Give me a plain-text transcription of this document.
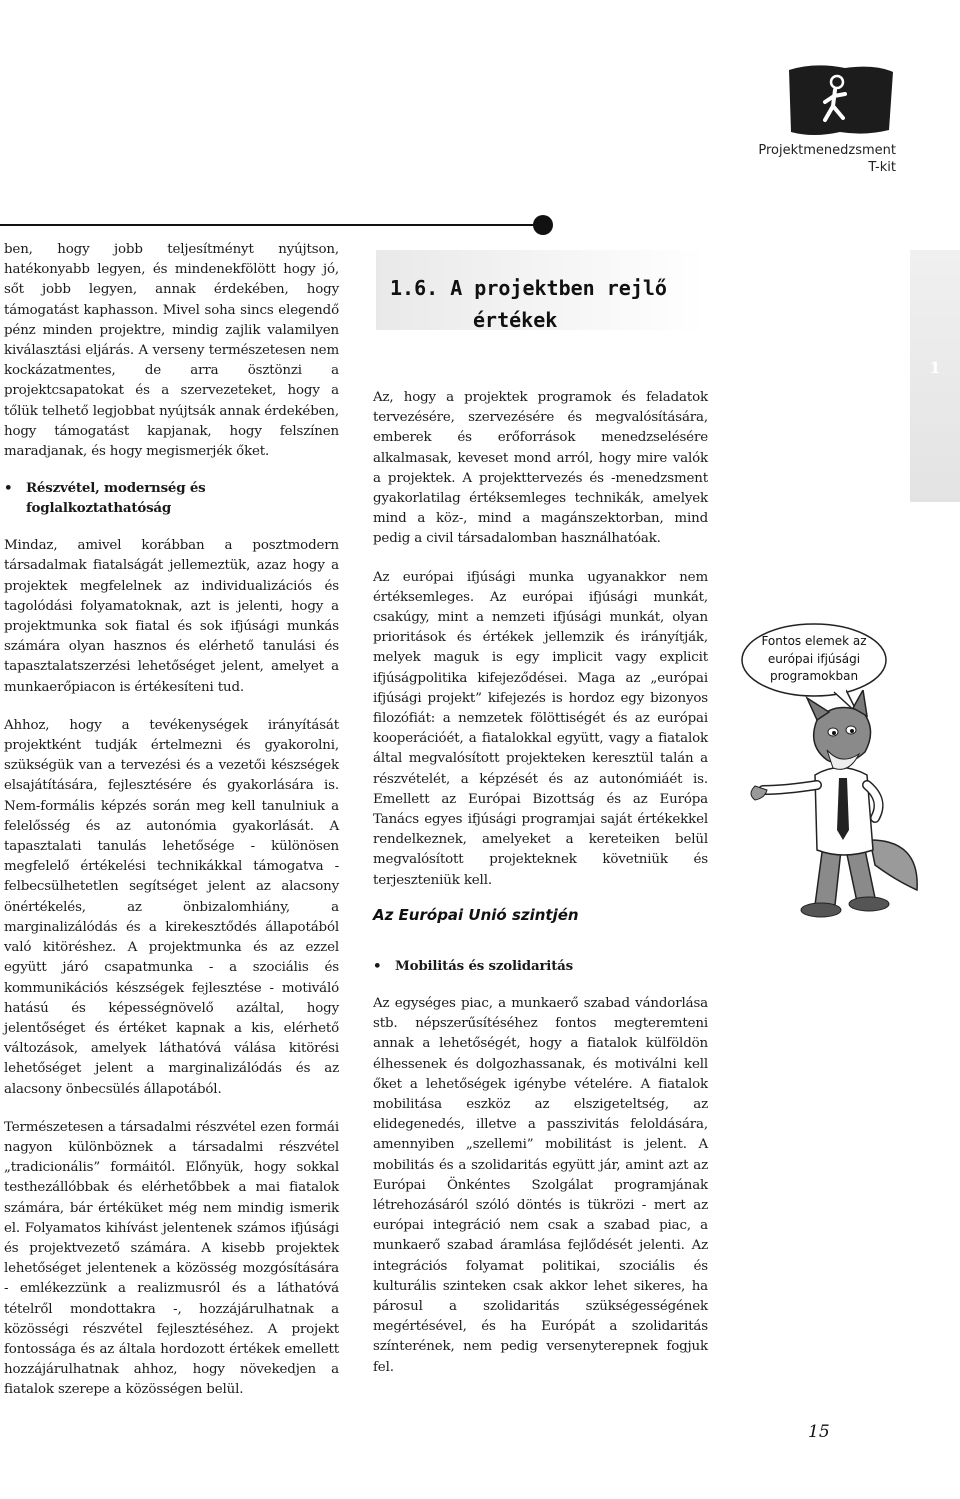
Projektmenedzsment
T-kit
1

ben, hogy jobb teljesítményt nyújtson, hatékonyabb legyen, és mindenekfölött hogy jó, sőt jobb legyen, annak érdekében, hogy támogatást kaphasson. Mivel soha sincs elegendő pénz minden projektre, mindig zajlik valamilyen kiválasztási eljárás. A verseny természetesen nem kockázatmentes, de arra ösztönzi a projektcsapatokat és a szervezeteket, hogy a tőlük telhető legjobbat nyújtsák annak érdekében, hogy támogatást kapjanak, hogy felszínen maradjanak, és hogy megismerjék őket.

•	Részvétel, modernség és foglalkoztathatóság

Mindaz, amivel korábban a posztmodern társadalmak fiatalságát jellemeztük, azaz hogy a projektek megfelelnek az individualizációs és tagolódási folyamatoknak, azt is jelenti, hogy a projektmunka sok fiatal és sok ifjúsági munkás számára olyan hasznos és elérhető tanulási és tapasztalatszerzési lehetőséget jelent, amelyet a munkaerőpiacon is értékesíteni tud.

Ahhoz, hogy a tevékenységek irányítását projektként tudják értelmezni és gyakorolni, szükségük van a tervezési és a vezetői készségek elsajátítására, fejlesztésére és gyakorlására is. Nem-formális képzés során meg kell tanulniuk a felelősség és az autonómia gyakorlását. A tapasztalati tanulás lehetősége - különösen megfelelő értékelési technikákkal támogatva - felbecsülhetetlen segítséget jelent az alacsony önértékelés, az önbizalomhiány, a marginalizálódás és a kirekesztődés állapotából való kitöréshez. A projektmunka és az ezzel együtt járó csapatmunka - a szociális és kommunikációs készségek fejlesztése - motiváló hatású és képességnövelő azáltal, hogy jelentőséget és értéket kapnak a kis, elérhető változások, amelyek láthatóvá válása kitörési lehetőséget jelent a marginalizálódás és az alacsony önbecsülés állapotából.

Természetesen a társadalmi részvétel ezen formái nagyon különböznek a társadalmi részvétel „tradicionális” formáitól. Előnyük, hogy sokkal testhezállóbbak és elérhetőbbek a mai fiatalok számára, bár értéküket még nem mindig ismerik el. Folyamatos kihívást jelentenek számos ifjúsági és projektvezető számára. A kisebb projektek lehetőséget jelentenek a közösség mozgósítására - emlékezzünk a realizmusról és a láthatóvá tételről mondottakra -, hozzájárulhatnak a közösségi részvétel fejlesztéséhez. A projekt fontossága és az általa hordozott értékek emellett hozzájárulhatnak ahhoz, hogy növekedjen a fiatalok szerepe a közösségen belül.

1.6. A projektben rejlő
értékek

Az, hogy a projektek programok és feladatok tervezésére, szervezésére és megvalósítására, emberek és erőforrások menedzselésére alkalmasak, keveset mond arról, hogy mire valók a projektek. A projekttervezés és -menedzsment gyakorlatilag értéksemleges technikák, amelyek mind a köz-, mind a magánszektorban, mind pedig a civil társadalomban használhatóak.

Az európai ifjúsági munka ugyanakkor nem értéksemleges. Az európai ifjúsági munkát, csakúgy, mint a nemzeti ifjúsági munkát, olyan prioritások és értékek jellemzik és irányítják, melyek maguk is egy implicit vagy explicit ifjúságpolitika kifejeződései. Maga az „európai ifjúsági projekt” kifejezés is hordoz egy bizonyos filozófiát: a nemzetek fölöttiségét és az európai kooperációét, a fiatalokkal együtt, vagy a fiatalok által megvalósított projekteken keresztül talán a részvételét, a képzését és az autonómiáét is. Emellett az Európai Bizottság és az Európa Tanács egyes ifjúsági programjai saját értékekkel rendelkeznek, amelyeket a kereteiken belül megvalósított projekteknek követniük és terjeszteniük kell.

Az Európai Unió szintjén
•	Mobilitás és szolidaritás

Az egységes piac, a munkaerő szabad vándorlása stb. népszerűsítéséhez fontos megteremteni annak a lehetőségét, hogy a fiatalok külföldön élhessenek és dolgozhassanak, és motiválni kell őket a lehetőségek igénybe vételére. A fiatalok mobilitása eszköz az elszigeteltség, az elidegenedés, illetve a passzivitás feloldására, amennyiben „szellemi” mobilitást is jelent. A mobilitás és a szolidaritás együtt jár, amint azt az Európai Önkéntes Szolgálat programjának létrehozásáról szóló döntés is tükrözi - mert az európai integráció nem csak a szabad piac, a munkaerő szabad áramlása fejlődését jelenti. Az integrációs folyamat politikai, szociális és kulturális szinteken csak akkor lehet sikeres, ha párosul a szolidaritás szükségességének megértésével, és ha Európát a szolidaritás színterének, nem pedig versenyterepnek fogjuk fel.

Fontos elemek az
európai ifjúsági
programokban
15
